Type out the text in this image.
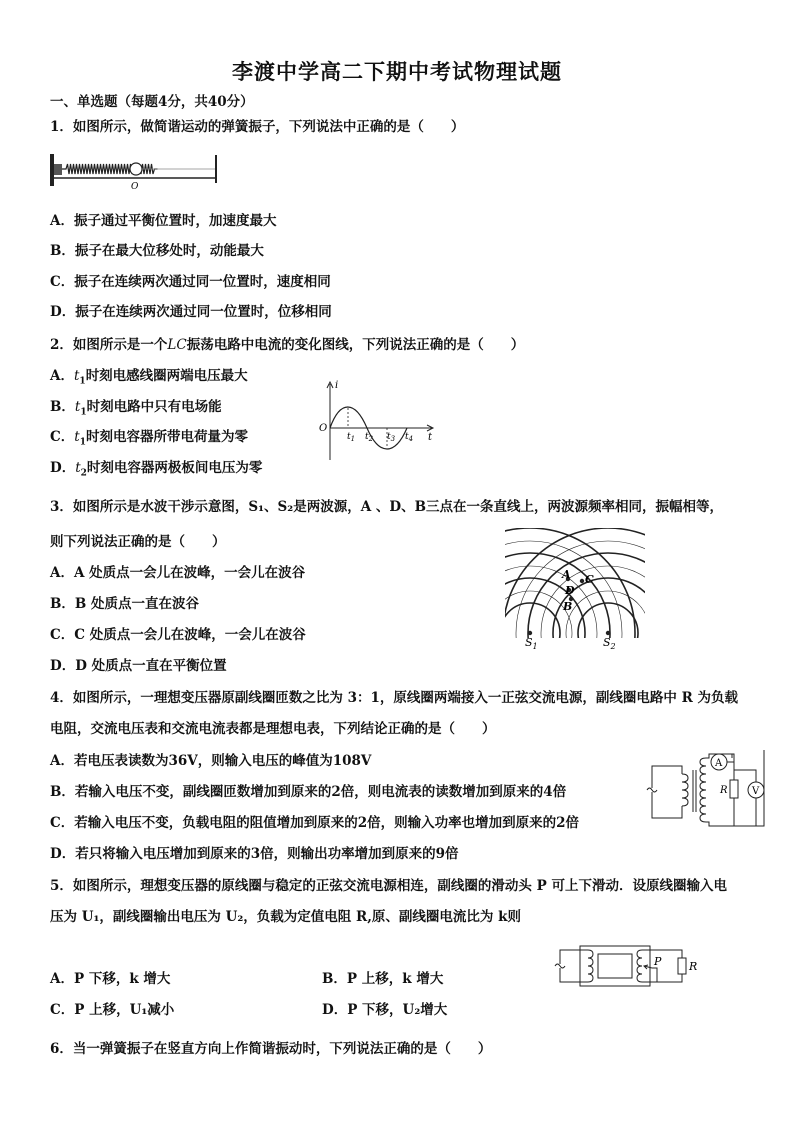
李渡中学高二下期中考试物理试题
一、单选题（每题4分，共40分）
1．如图所示，做简谐运动的弹簧振子，下列说法中正确的是（　　）
O
A．振子通过平衡位置时，加速度最大
B．振子在最大位移处时，动能最大
C．振子在连续两次通过同一位置时，速度相同
D．振子在连续两次通过同一位置时，位移相同
2．如图所示是一个LC振荡电路中电流的变化图线，下列说法正确的是（　　）
A．$t_1$时刻电感线圈两端电压最大
B．$t_1$时刻电路中只有电场能
C．$t_1$时刻电容器所带电荷量为零
D．$t_2$时刻电容器两极板间电压为零
i
O
t
$t_1$ $t_2$ $t_3$ $t_4$
3．如图所示是水波干涉示意图，S₁、S₂是两波源，A 、D、B三点在一条直线上，两波源频率相同，振幅相等，
则下列说法正确的是（　　）
A．A 处质点一会儿在波峰，一会儿在波谷
B．B 处质点一直在波谷
C．C 处质点一会儿在波峰，一会儿在波谷
D．D 处质点一直在平衡位置
A C
D
B
$S_1$	$S_2$
4．如图所示，一理想变压器原副线圈匝数之比为 3：1，原线圈两端接入一正弦交流电源，副线圈电路中 R 为负载
电阻，交流电压表和交流电流表都是理想电表，下列结论正确的是（　　）
A．若电压表读数为36V，则输入电压的峰值为108V
B．若输入电压不变，副线圈匝数增加到原来的2倍，则电流表的读数增加到原来的4倍
C．若输入电压不变，负载电阻的阻值增加到原来的2倍，则输入功率也增加到原来的2倍
D．若只将输入电压增加到原来的3倍，则输出功率增加到原来的9倍
A
V
R
5．如图所示，理想变压器的原线圈与稳定的正弦交流电源相连，副线圈的滑动头 P 可上下滑动．设原线圈输入电
压为 U₁，副线圈输出电压为 U₂，负载为定值电阻 R,原、副线圈电流比为 k则
A．P 下移，k 增大	B．P 上移，k 增大
C．P 上移，U₁减小	D．P 下移，U₂增大
P	R
6．当一弹簧振子在竖直方向上作简谐振动时，下列说法正确的是（　　）
